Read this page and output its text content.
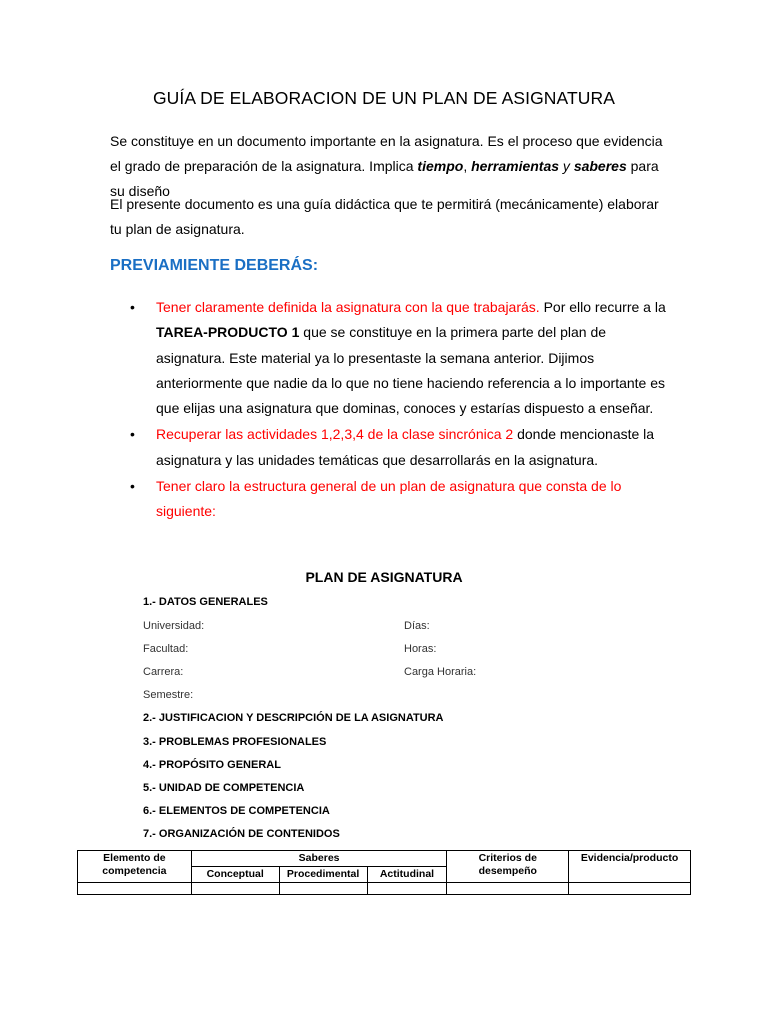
GUÍA DE ELABORACION DE UN PLAN DE ASIGNATURA
Se constituye en un documento importante en la asignatura. Es el proceso que evidencia el grado de preparación de la asignatura. Implica tiempo, herramientas y saberes para su diseño
El presente documento es una guía didáctica que te permitirá (mecánicamente) elaborar tu plan de asignatura.
PREVIAMIENTE DEBERÁS:
• Tener claramente definida la asignatura con la que trabajarás. Por ello recurre a la TAREA-PRODUCTO 1 que se constituye en la primera parte del plan de asignatura. Este material ya lo presentaste la semana anterior. Dijimos anteriormente que nadie da lo que no tiene haciendo referencia a lo importante es que elijas una asignatura que dominas, conoces y estarías dispuesto a enseñar.
• Recuperar las actividades 1,2,3,4 de la clase sincrónica 2 donde mencionaste la asignatura y las unidades temáticas que desarrollarás en la asignatura.
• Tener claro la estructura general de un plan de asignatura que consta de lo siguiente:
PLAN DE ASIGNATURA
1.- DATOS GENERALES
Universidad:	Días:
Facultad:	Horas:
Carrera:	Carga Horaria:
Semestre:
2.- JUSTIFICACION Y DESCRIPCIÓN DE LA ASIGNATURA
3.- PROBLEMAS PROFESIONALES
4.- PROPÓSITO GENERAL
5.- UNIDAD DE COMPETENCIA
6.- ELEMENTOS DE COMPETENCIA
7.- ORGANIZACIÓN DE CONTENIDOS
Elemento de competencia	Saberes			Criterios de desempeño	Evidencia/producto
	Conceptual	Procedimental	Actitudinal		
